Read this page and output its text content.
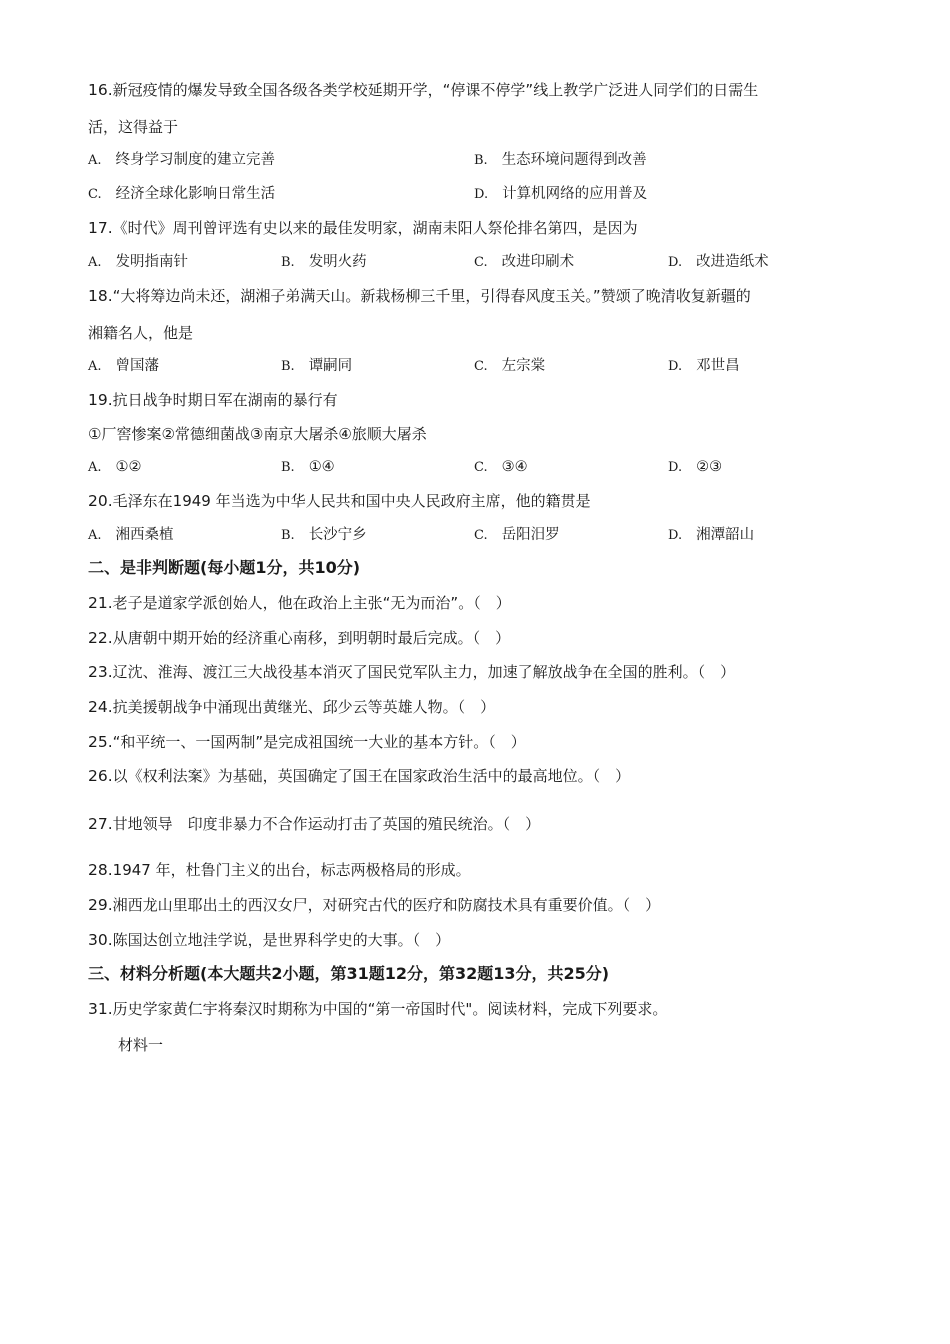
16.新冠疫情的爆发导致全国各级各类学校延期开学，“停课不停学”线上教学广泛进人同学们的日需生
活，这得益于
A. 终身学习制度的建立完善	B. 生态环境问题得到改善
C. 经济全球化影响日常生活	D. 计算机网络的应用普及
17.《时代》周刊曾评选有史以来的最佳发明家，湖南耒阳人祭伦排名第四，是因为
A. 发明指南针	B. 发明火药	C. 改进印刷术	D. 改进造纸术
18.“大将筹边尚未还，湖湘子弟满天山。新栽杨柳三千里，引得春风度玉关。”赞颂了晚清收复新疆的
湘籍名人，他是
A. 曾国藩	B. 谭嗣同	C. 左宗棠	D. 邓世昌
19.抗日战争时期日军在湖南的暴行有
①厂窖惨案②常德细菌战③南京大屠杀④旅顺大屠杀
A. ①②	B. ①④	C. ③④	D. ②③
20.毛泽东在1949 年当选为中华人民共和国中央人民政府主席，他的籍贯是
A. 湘西桑植	B. 长沙宁乡	C. 岳阳汨罗	D. 湘潭韶山
二、是非判断题(每小题1分，共10分)
21.老子是道家学派创始人，他在政治上主张“无为而治”。（　）
22.从唐朝中期开始的经济重心南移，到明朝时最后完成。（　）
23.辽沈、淮海、渡江三大战役基本消灭了国民党军队主力，加速了解放战争在全国的胜利。（　）
24.抗美援朝战争中涌现出黄继光、邱少云等英雄人物。（　）
25.“和平统一、一国两制”是完成祖国统一大业的基本方针。（　）
26.以《权利法案》为基础，英国确定了国王在国家政治生活中的最高地位。（　）
27.甘地领导　印度非暴力不合作运动打击了英国的殖民统治。（　）
28.1947 年，杜鲁门主义的出台，标志两极格局的形成。
29.湘西龙山里耶出土的西汉女尸，对研究古代的医疗和防腐技术具有重要价值。（　）
30.陈国达创立地洼学说，是世界科学史的大事。（　）
三、材料分析题(本大题共2小题，第31题12分，第32题13分，共25分)
31.历史学家黄仁宇将秦汉时期称为中国的“第一帝国时代"。阅读材料，完成下列要求。
材料一
